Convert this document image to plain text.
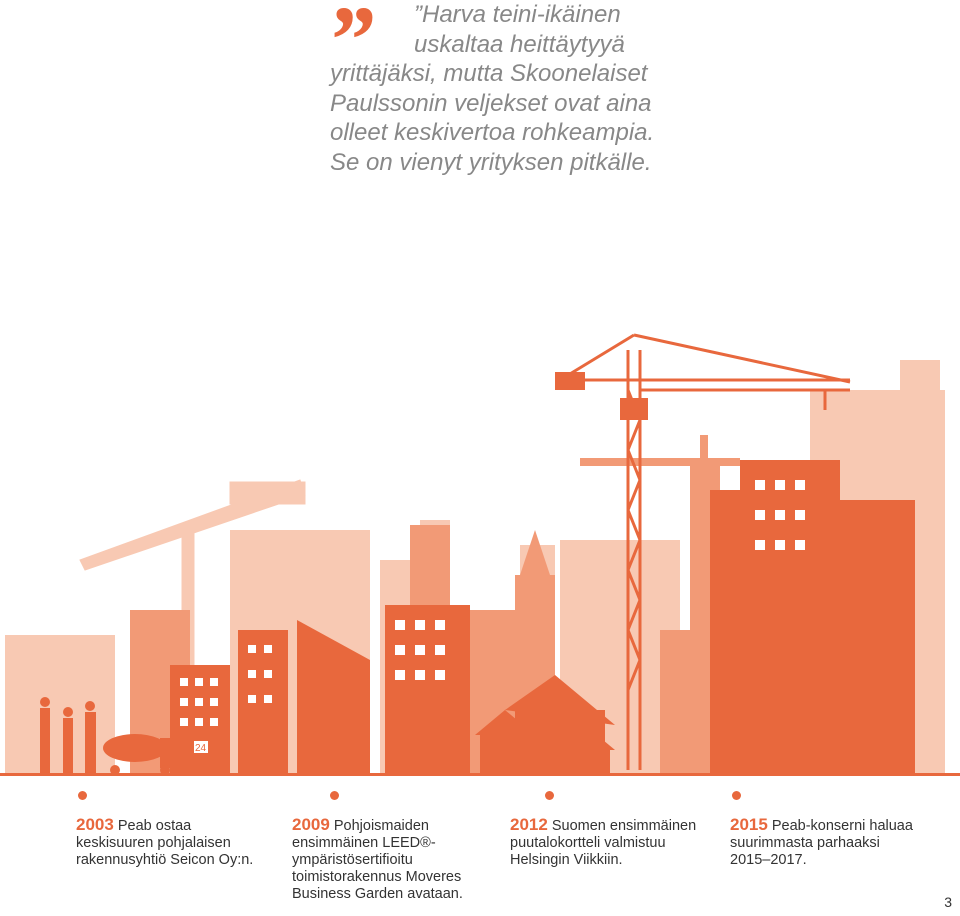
”	”Harva teini-ikäinen
uskaltaa heittäytyyä
yrittäjäksi, mutta Skoonelaiset
Paulssonin veljekset ovat aina
olleet keskivertoa rohkeampia.
Se on vienyt yrityksen pitkälle.
24
2003 Peab ostaa
keskisuuren pohjalaisen
rakennusyhtiö Seicon Oy:n.
2009 Pohjoismaiden
ensimmäinen LEED®-
ympäristösertifioitu
toimistorakennus Moveres
Business Garden avataan.
2012 Suomen ensimmäinen
puutalokortteli valmistuu
Helsingin Viikkiin.
2015 Peab-konserni haluaa
suurimmasta parhaaksi
2015–2017.
3
